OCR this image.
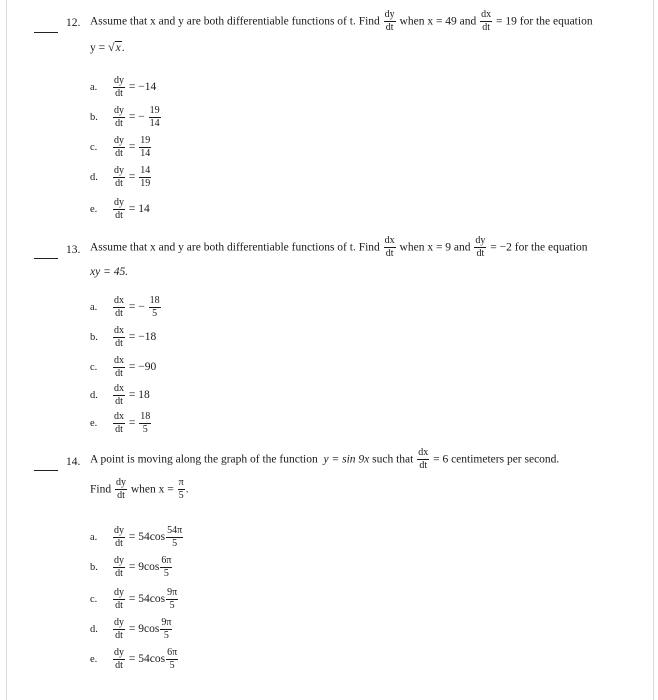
12. Assume that x and y are both differentiable functions of t. Find $\frac{dy}{dt}$ when x = 49 and $\frac{dx}{dt} = 19$ for the equation
y = √x.
a. $\frac{dy}{dt}$
= −14
b. $\frac{dy}{dt}$
= −
$\frac{19}{14}$
c. $\frac{dy}{dt}$
=
$\frac{19}{14}$
d. $\frac{dy}{dt}$
=
$\frac{14}{19}$
e. $\frac{dy}{dt}$
= 14
13. Assume that x and y are both differentiable functions of t. Find $\frac{dx}{dt}$ when x = 9 and $\frac{dy}{dt} = -2$ for the equation
xy = 45.
a. $\frac{dx}{dt}$
= −
$\frac{18}{5}$
b. $\frac{dx}{dt}$
= −18
c. $\frac{dx}{dt}$
= −90
d. $\frac{dx}{dt}$
= 18
e. $\frac{dx}{dt}$
=
$\frac{18}{5}$
14. A point is moving along the graph of the function y = sin 9x such that $\frac{dx}{dt} = 6$ centimeters per second.
Find $\frac{dy}{dt}$ when $x = \frac{\pi}{5}$ .
a. $\frac{dy}{dt}$
= $54\cos \frac{54\pi}{5}$
b. $\frac{dy}{dt}$
= $9\cos \frac{6\pi}{5}$
c. $\frac{dy}{dt}$
= $54\cos \frac{9\pi}{5}$
d. $\frac{dy}{dt}$
= $9\cos \frac{9\pi}{5}$
e. $\frac{dy}{dt}$
= $54\cos \frac{6\pi}{5}$
